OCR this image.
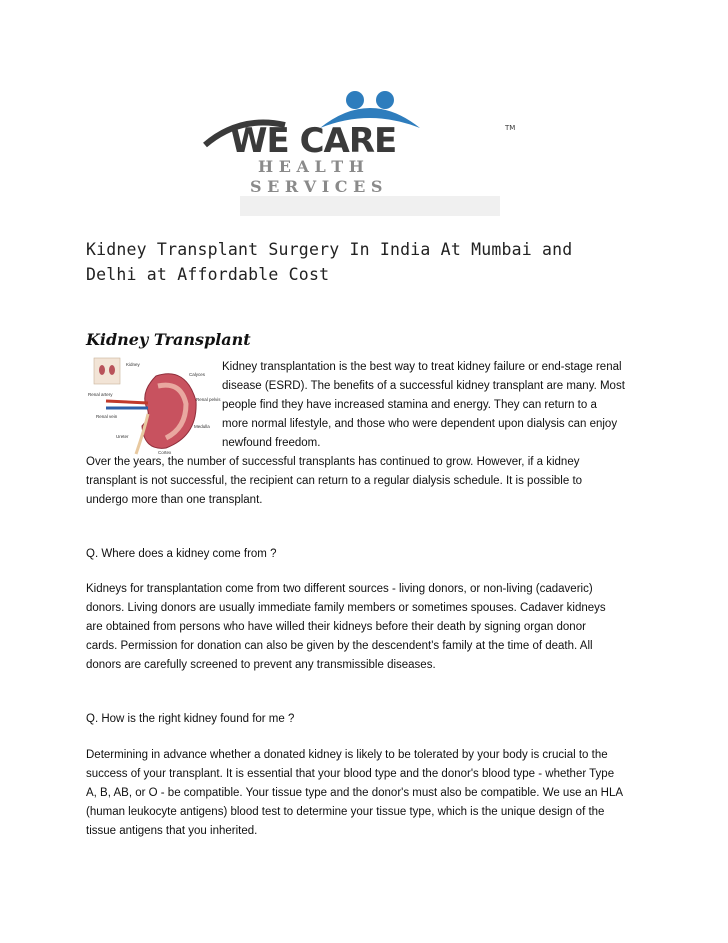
WE CARE	TM
H E A L T H
S E R V I C E S
Kidney Transplant Surgery In India At Mumbai and
Delhi at Affordable Cost
Kidney Transplant
Kidney
Calyces
Renal artery
Renal pelvis
Renal vein
Medulla
Ureter
Cortex
Kidney transplantation is the best way to treat kidney failure or end-stage renal
disease (ESRD). The benefits of a successful kidney transplant are many. Most
people find they have increased stamina and energy. They can return to a
more normal lifestyle, and those who were dependent upon dialysis can enjoy
newfound freedom.
Over the years, the number of successful transplants has continued to grow. However, if a kidney
transplant is not successful, the recipient can return to a regular dialysis schedule. It is possible to
undergo more than one transplant.
Q. Where does a kidney come from ?
Kidneys for transplantation come from two different sources - living donors, or non-living (cadaveric)
donors. Living donors are usually immediate family members or sometimes spouses. Cadaver kidneys
are obtained from persons who have willed their kidneys before their death by signing organ donor
cards. Permission for donation can also be given by the descendent's family at the time of death. All
donors are carefully screened to prevent any transmissible diseases.
Q. How is the right kidney found for me ?
Determining in advance whether a donated kidney is likely to be tolerated by your body is crucial to the
success of your transplant. It is essential that your blood type and the donor's blood type - whether Type
A, B, AB, or O - be compatible. Your tissue type and the donor's must also be compatible. We use an HLA
(human leukocyte antigens) blood test to determine your tissue type, which is the unique design of the
tissue antigens that you inherited.
